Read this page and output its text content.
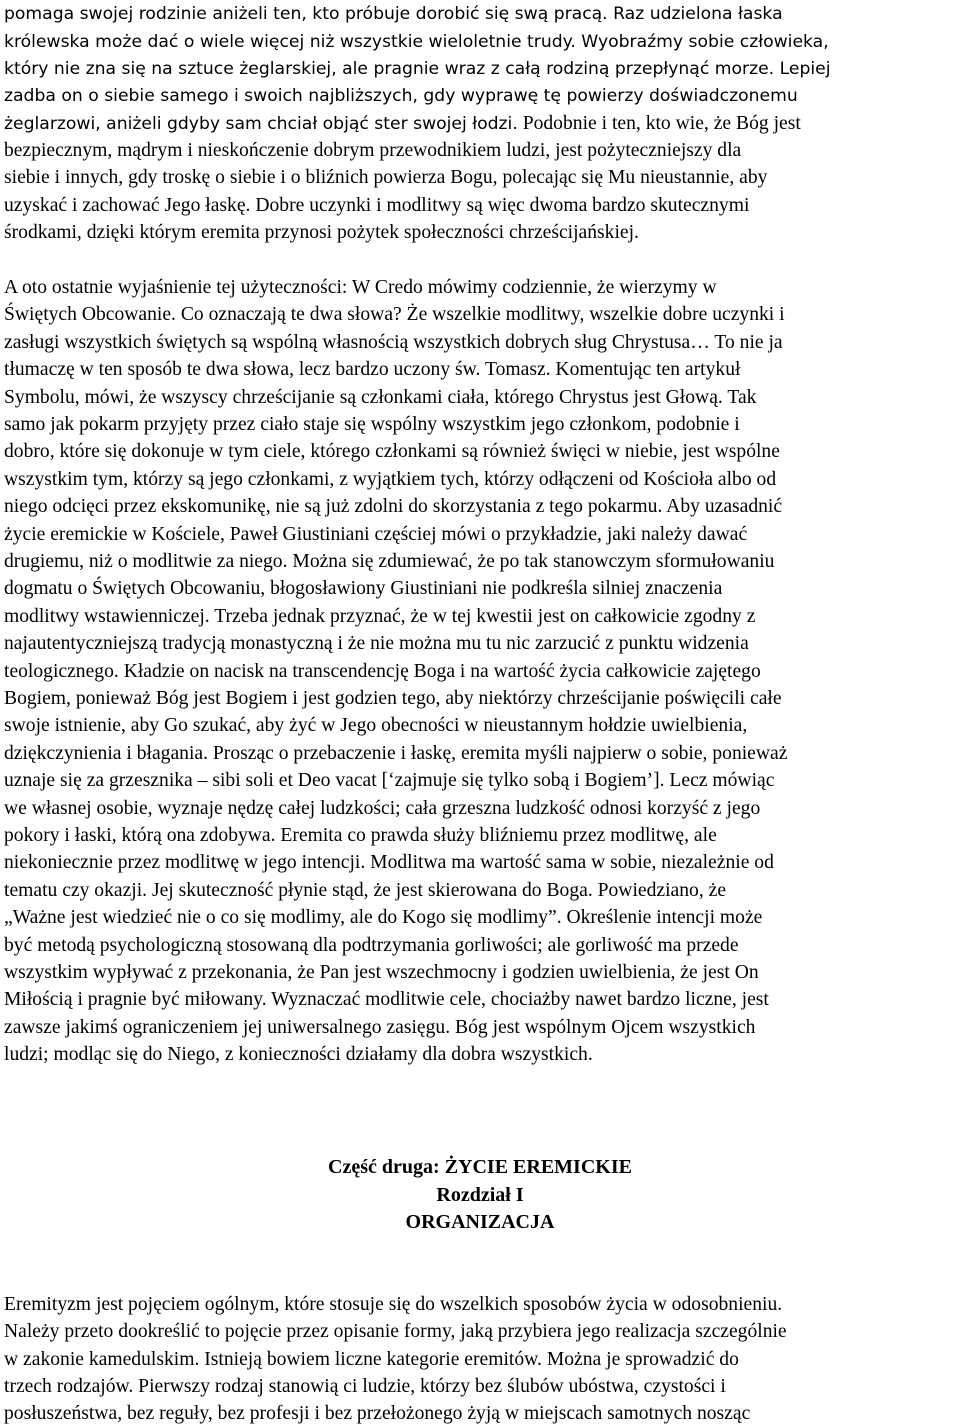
pomaga swojej rodzinie aniżeli ten, kto próbuje dorobić się swą pracą. Raz udzielona łaska
królewska może dać o wiele więcej niż wszystkie wieloletnie trudy. Wyobraźmy sobie człowieka,
który nie zna się na sztuce żeglarskiej, ale pragnie wraz z całą rodziną przepłynąć morze. Lepiej
zadba on o siebie samego i swoich najbliższych, gdy wyprawę tę powierzy doświadczonemu
żeglarzowi, aniżeli gdyby sam chciał objąć ster swojej łodzi. Podobnie i ten, kto wie, że Bóg jest
bezpiecznym, mądrym i nieskończenie dobrym przewodnikiem ludzi, jest pożyteczniejszy dla
siebie i innych, gdy troskę o siebie i o bliźnich powierza Bogu, polecając się Mu nieustannie, aby
uzyskać i zachować Jego łaskę. Dobre uczynki i modlitwy są więc dwoma bardzo skutecznymi
środkami, dzięki którym eremita przynosi pożytek społeczności chrześcijańskiej.
A oto ostatnie wyjaśnienie tej użyteczności: W Credo mówimy codziennie, że wierzymy w
Świętych Obcowanie. Co oznaczają te dwa słowa? Że wszelkie modlitwy, wszelkie dobre uczynki i
zasługi wszystkich świętych są wspólną własnością wszystkich dobrych sług Chrystusa… To nie ja
tłumaczę w ten sposób te dwa słowa, lecz bardzo uczony św. Tomasz. Komentując ten artykuł
Symbolu, mówi, że wszyscy chrześcijanie są członkami ciała, którego Chrystus jest Głową. Tak
samo jak pokarm przyjęty przez ciało staje się wspólny wszystkim jego członkom, podobnie i
dobro, które się dokonuje w tym ciele, którego członkami są również święci w niebie, jest wspólne
wszystkim tym, którzy są jego członkami, z wyjątkiem tych, którzy odłączeni od Kościoła albo od
niego odcięci przez ekskomunikę, nie są już zdolni do skorzystania z tego pokarmu. Aby uzasadnić
życie eremickie w Kościele, Paweł Giustiniani częściej mówi o przykładzie, jaki należy dawać
drugiemu, niż o modlitwie za niego. Można się zdumiewać, że po tak stanowczym sformułowaniu
dogmatu o Świętych Obcowaniu, błogosławiony Giustiniani nie podkreśla silniej znaczenia
modlitwy wstawienniczej. Trzeba jednak przyznać, że w tej kwestii jest on całkowicie zgodny z
najautentyczniejszą tradycją monastyczną i że nie można mu tu nic zarzucić z punktu widzenia
teologicznego. Kładzie on nacisk na transcendencję Boga i na wartość życia całkowicie zajętego
Bogiem, ponieważ Bóg jest Bogiem i jest godzien tego, aby niektórzy chrześcijanie poświęcili całe
swoje istnienie, aby Go szukać, aby żyć w Jego obecności w nieustannym hołdzie uwielbienia,
dziękczynienia i błagania. Prosząc o przebaczenie i łaskę, eremita myśli najpierw o sobie, ponieważ
uznaje się za grzesznika – sibi soli et Deo vacat [‘zajmuje się tylko sobą i Bogiem’]. Lecz mówiąc
we własnej osobie, wyznaje nędzę całej ludzkości; cała grzeszna ludzkość odnosi korzyść z jego
pokory i łaski, którą ona zdobywa. Eremita co prawda służy bliźniemu przez modlitwę, ale
niekoniecznie przez modlitwę w jego intencji. Modlitwa ma wartość sama w sobie, niezależnie od
tematu czy okazji. Jej skuteczność płynie stąd, że jest skierowana do Boga. Powiedziano, że
„Ważne jest wiedzieć nie o co się modlimy, ale do Kogo się modlimy”. Określenie intencji może
być metodą psychologiczną stosowaną dla podtrzymania gorliwości; ale gorliwość ma przede
wszystkim wypływać z przekonania, że Pan jest wszechmocny i godzien uwielbienia, że jest On
Miłością i pragnie być miłowany. Wyznaczać modlitwie cele, chociażby nawet bardzo liczne, jest
zawsze jakimś ograniczeniem jej uniwersalnego zasięgu. Bóg jest wspólnym Ojcem wszystkich
ludzi; modląc się do Niego, z konieczności działamy dla dobra wszystkich.
Część druga: ŻYCIE EREMICKIE
Rozdział I
ORGANIZACJA
Eremityzm jest pojęciem ogólnym, które stosuje się do wszelkich sposobów życia w odosobnieniu.
Należy przeto dookreślić to pojęcie przez opisanie formy, jaką przybiera jego realizacja szczególnie
w zakonie kamedulskim. Istnieją bowiem liczne kategorie eremitów. Można je sprowadzić do
trzech rodzajów. Pierwszy rodzaj stanowią ci ludzie, którzy bez ślubów ubóstwa, czystości i
posłuszeństwa, bez reguły, bez profesji i bez przełożonego żyją w miejscach samotnych nosząc
